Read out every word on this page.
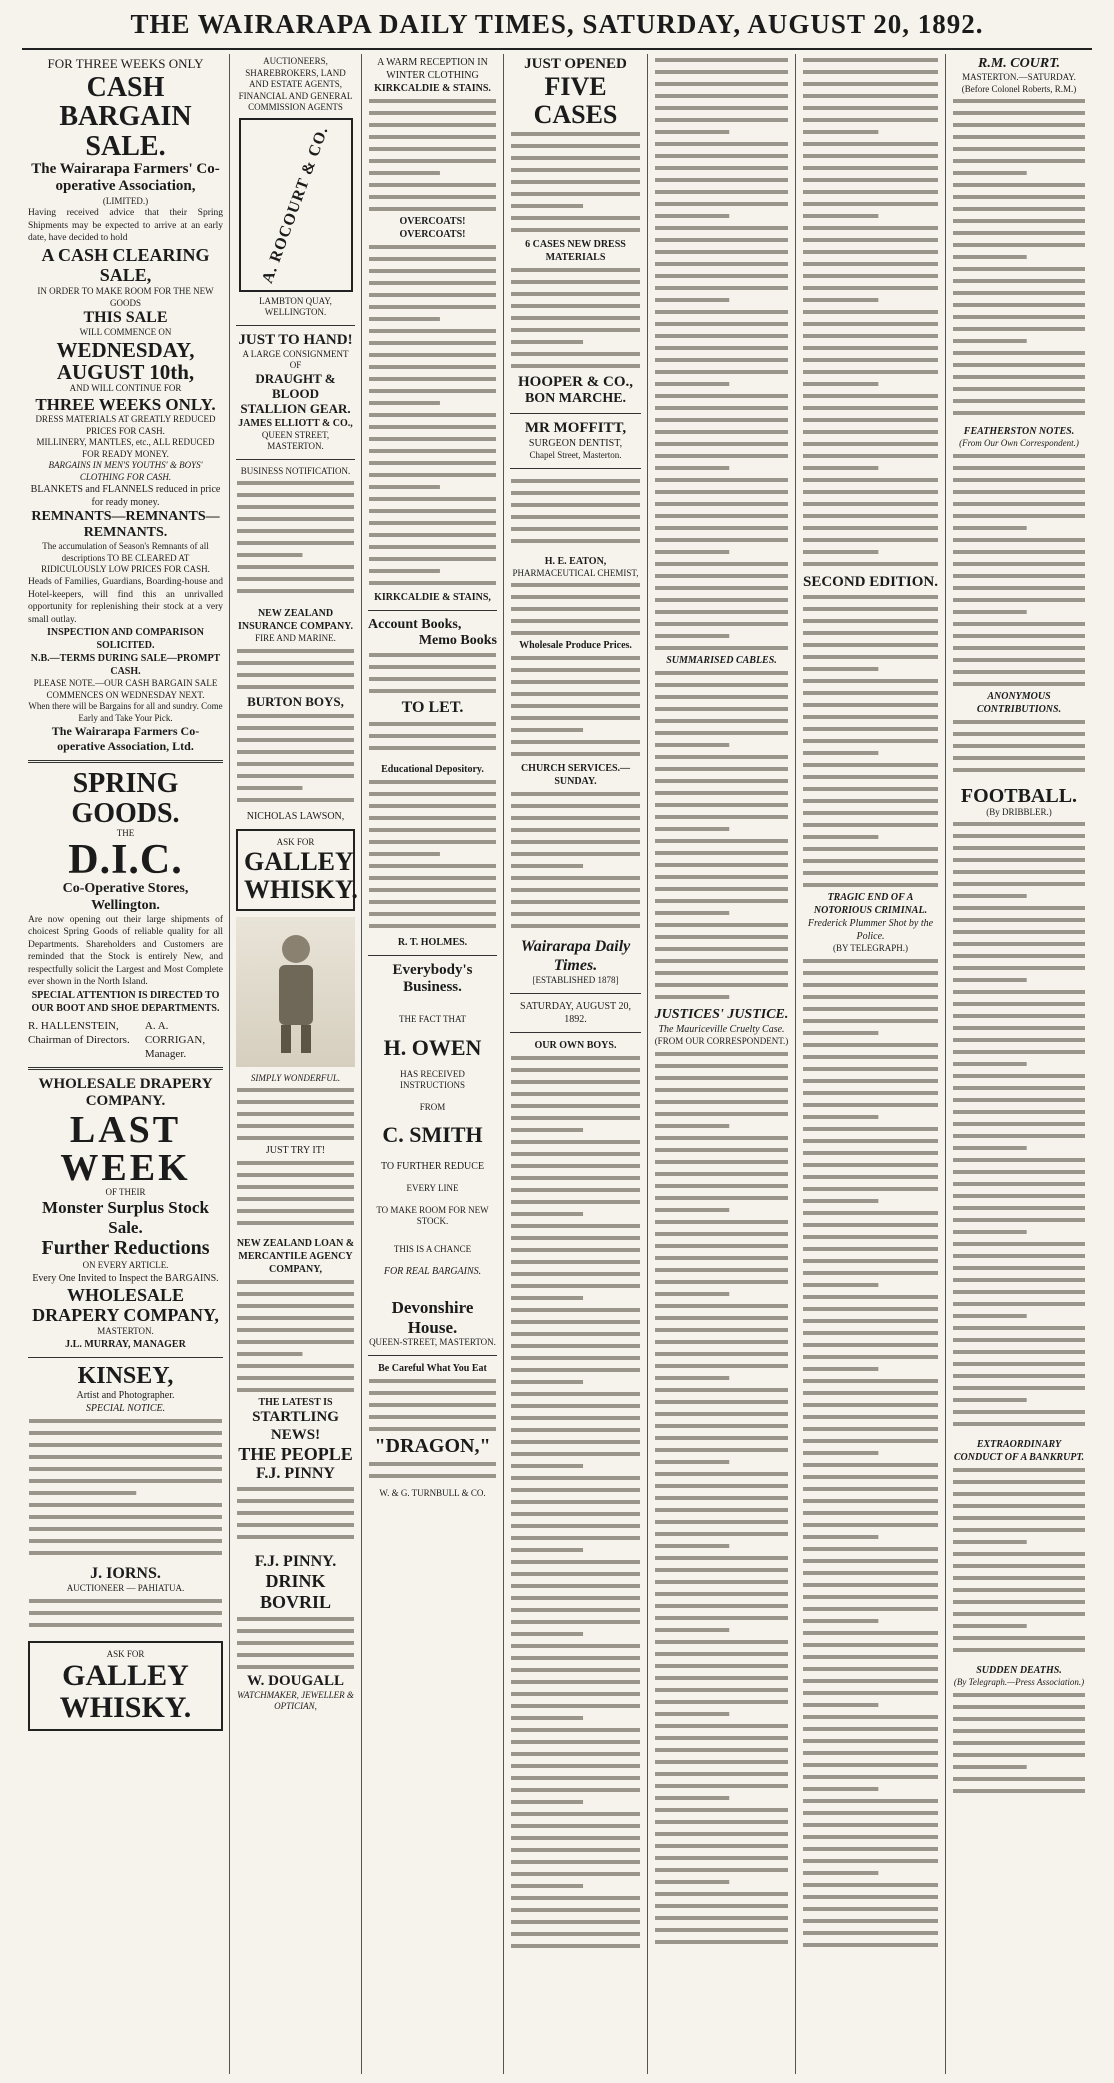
THE WAIRARAPA DAILY TIMES, SATURDAY, AUGUST 20, 1892.
FOR THREE WEEKS ONLY
CASH BARGAIN SALE.
The Wairarapa Farmers' Co-operative Association,
(LIMITED.)
Having received advice that their Spring Shipments may be expected to arrive at an early date, have decided to hold
A CASH CLEARING SALE,
IN ORDER TO MAKE ROOM FOR THE NEW GOODS
THIS SALE
WILL COMMENCE ON
WEDNESDAY, AUGUST 10th,
AND WILL CONTINUE FOR
THREE WEEKS ONLY.
DRESS MATERIALS AT GREATLY REDUCED PRICES FOR CASH.
MILLINERY, MANTLES, etc., ALL REDUCED FOR READY MONEY.
BARGAINS IN MEN'S YOUTHS' & BOYS' CLOTHING FOR CASH.
BLANKETS and FLANNELS reduced in price for ready money.
REMNANTS—REMNANTS—REMNANTS.
The accumulation of Season's Remnants of all descriptions TO BE CLEARED AT RIDICULOUSLY LOW PRICES FOR CASH.
Heads of Families, Guardians, Boarding-house and Hotel-keepers, will find this an unrivalled opportunity for replenishing their stock at a very small outlay.
INSPECTION AND COMPARISON SOLICITED.
N.B.—TERMS DURING SALE—PROMPT CASH.
PLEASE NOTE.—OUR CASH BARGAIN SALE COMMENCES ON WEDNESDAY NEXT.
When there will be Bargains for all and sundry. Come Early and Take Your Pick.
The Wairarapa Farmers Co-operative Association, Ltd.
SPRING GOODS.
THE
D.I.C.
Co-Operative Stores, Wellington.
Are now opening out their large shipments of choicest Spring Goods of reliable quality for all Departments. Shareholders and Customers are reminded that the Stock is entirely New, and respectfully solicit the Largest and Most Complete ever shown in the North Island.
SPECIAL ATTENTION IS DIRECTED TO OUR BOOT AND SHOE DEPARTMENTS.
R. HALLENSTEIN, Chairman of Directors.
A. A. CORRIGAN, Manager.
WHOLESALE DRAPERY COMPANY.
LAST WEEK
OF THEIR
Monster Surplus Stock Sale.
Further Reductions
ON EVERY ARTICLE.
Every One Invited to Inspect the BARGAINS.
WHOLESALE DRAPERY COMPANY,
MASTERTON.
J.L. MURRAY, MANAGER
KINSEY,
Artist and Photographer.
SPECIAL NOTICE.
J. IORNS.
AUCTIONEER — PAHIATUA.
ASK FOR
GALLEY
WHISKY.
AUCTIONEERS, SHAREBROKERS, LAND AND ESTATE AGENTS, FINANCIAL AND GENERAL COMMISSION AGENTS
A. ROCOURT & CO.
LAMBTON QUAY, WELLINGTON.
JUST TO HAND!
A LARGE CONSIGNMENT OF
DRAUGHT & BLOOD
STALLION GEAR.
JAMES ELLIOTT & CO.,
QUEEN STREET,
MASTERTON.
BUSINESS NOTIFICATION.
NEW ZEALAND INSURANCE COMPANY.
FIRE AND MARINE.
BURTON BOYS,
NICHOLAS LAWSON,
ASK FOR
GALLEY
WHISKY.
SIMPLY WONDERFUL.
JUST TRY IT!
NEW ZEALAND LOAN & MERCANTILE AGENCY COMPANY,
THE LATEST IS
STARTLING NEWS!
THE PEOPLE
F.J. PINNY
F.J. PINNY.
DRINK BOVRIL
W. DOUGALL
WATCHMAKER, JEWELLER & OPTICIAN,
A WARM RECEPTION IN WINTER CLOTHING
KIRKCALDIE & STAINS.
OVERCOATS! OVERCOATS!
KIRKCALDIE & STAINS,
Account Books,
Memo Books
TO LET.
Educational Depository.
R. T. HOLMES.
Everybody's Business.
THE FACT THAT
H. OWEN
HAS RECEIVED INSTRUCTIONS
FROM
C. SMITH
TO FURTHER REDUCE
EVERY LINE
TO MAKE ROOM FOR NEW STOCK.
THIS IS A CHANCE
FOR REAL BARGAINS.
Devonshire House.
QUEEN-STREET, MASTERTON.
Be Careful What You Eat
"DRAGON,"
W. & G. TURNBULL & CO.
JUST OPENED
FIVE CASES
6 CASES NEW DRESS MATERIALS
HOOPER & CO.,
BON MARCHE.
MR MOFFITT,
SURGEON DENTIST,
Chapel Street, Masterton.
H. E. EATON,
PHARMACEUTICAL CHEMIST,
Wholesale Produce Prices.
CHURCH SERVICES.—SUNDAY.
Wairarapa Daily Times.
[ESTABLISHED 1878]
SATURDAY, AUGUST 20, 1892.
OUR OWN BOYS.
SUMMARISED CABLES.
JUSTICES' JUSTICE.
The Mauriceville Cruelty Case.
(FROM OUR CORRESPONDENT.)
SECOND EDITION.
TRAGIC END OF A NOTORIOUS CRIMINAL.
Frederick Plummer Shot by the Police.
(BY TELEGRAPH.)
R.M. COURT.
MASTERTON.—SATURDAY.
(Before Colonel Roberts, R.M.)
FEATHERSTON NOTES.
(From Our Own Correspondent.)
ANONYMOUS CONTRIBUTIONS.
FOOTBALL.
(By DRIBBLER.)
EXTRAORDINARY CONDUCT OF A BANKRUPT.
SUDDEN DEATHS.
(By Telegraph.—Press Association.)
